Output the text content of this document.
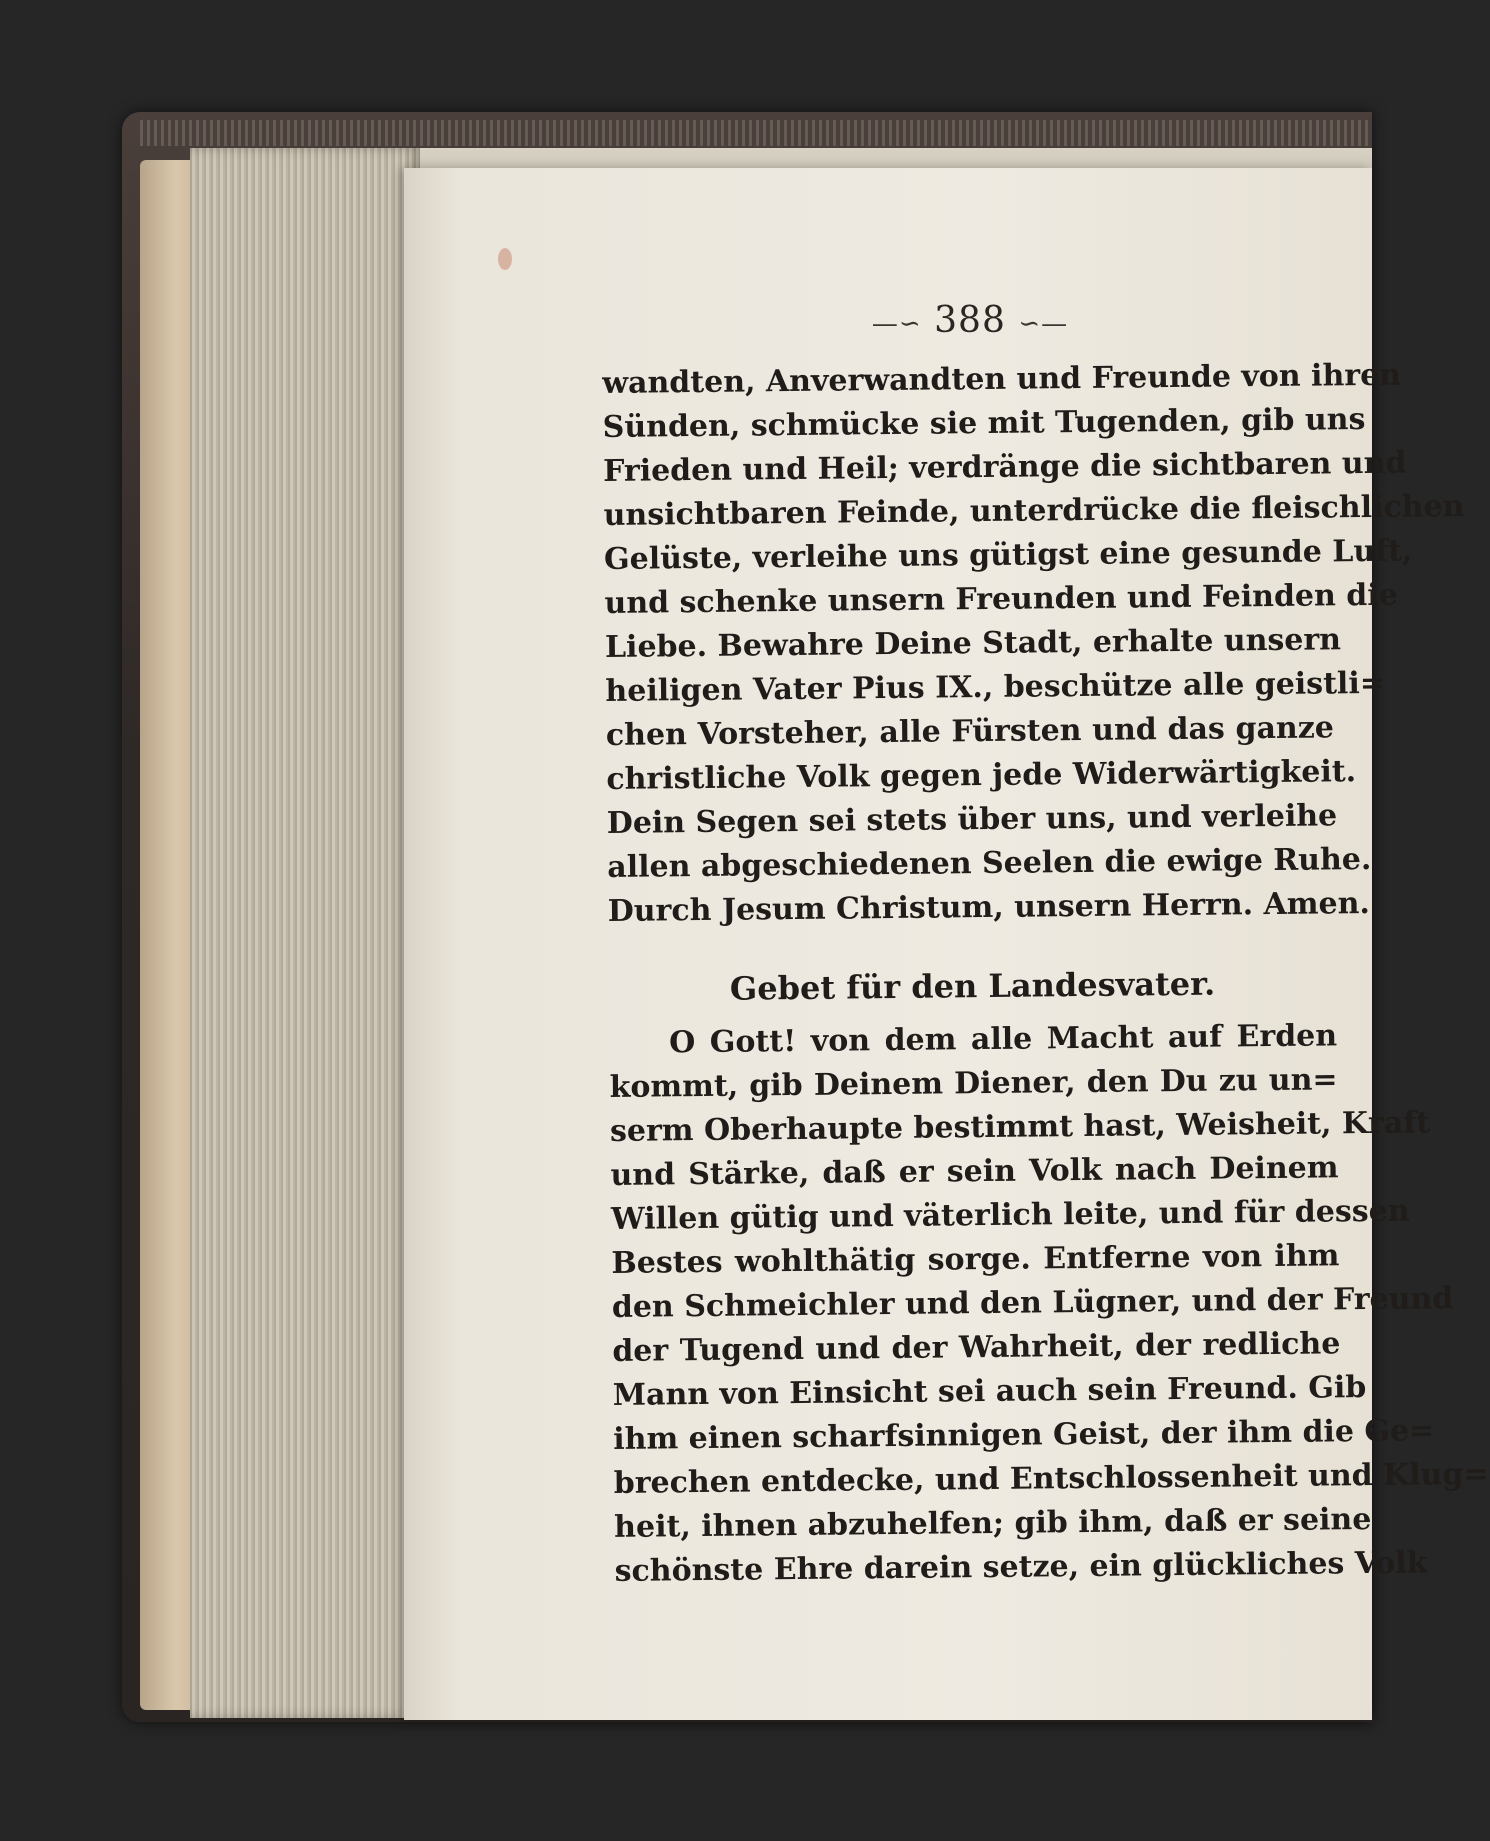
—∽ 388 ∽—
wandten, Anverwandten und Freunde von ihren
Sünden, schmücke sie mit Tugenden, gib uns
Frieden und Heil; verdränge die sichtbaren und
unsichtbaren Feinde, unterdrücke die fleischlichen
Gelüste, verleihe uns gütigst eine gesunde Luft,
und schenke unsern Freunden und Feinden die
Liebe. Bewahre Deine Stadt, erhalte unsern
heiligen Vater Pius IX., beschütze alle geistli=
chen Vorsteher, alle Fürsten und das ganze
christliche Volk gegen jede Widerwärtigkeit.
Dein Segen sei stets über uns, und verleihe
allen abgeschiedenen Seelen die ewige Ruhe.
Durch Jesum Christum, unsern Herrn. Amen.
Gebet für den Landesvater.
O Gott! von dem alle Macht auf Erden
kommt, gib Deinem Diener, den Du zu un=
serm Oberhaupte bestimmt hast, Weisheit, Kraft
und Stärke, daß er sein Volk nach Deinem
Willen gütig und väterlich leite, und für dessen
Bestes wohlthätig sorge. Entferne von ihm
den Schmeichler und den Lügner, und der Freund
der Tugend und der Wahrheit, der redliche
Mann von Einsicht sei auch sein Freund. Gib
ihm einen scharfsinnigen Geist, der ihm die Ge=
brechen entdecke, und Entschlossenheit und Klug=
heit, ihnen abzuhelfen; gib ihm, daß er seine
schönste Ehre darein setze, ein glückliches Volk
